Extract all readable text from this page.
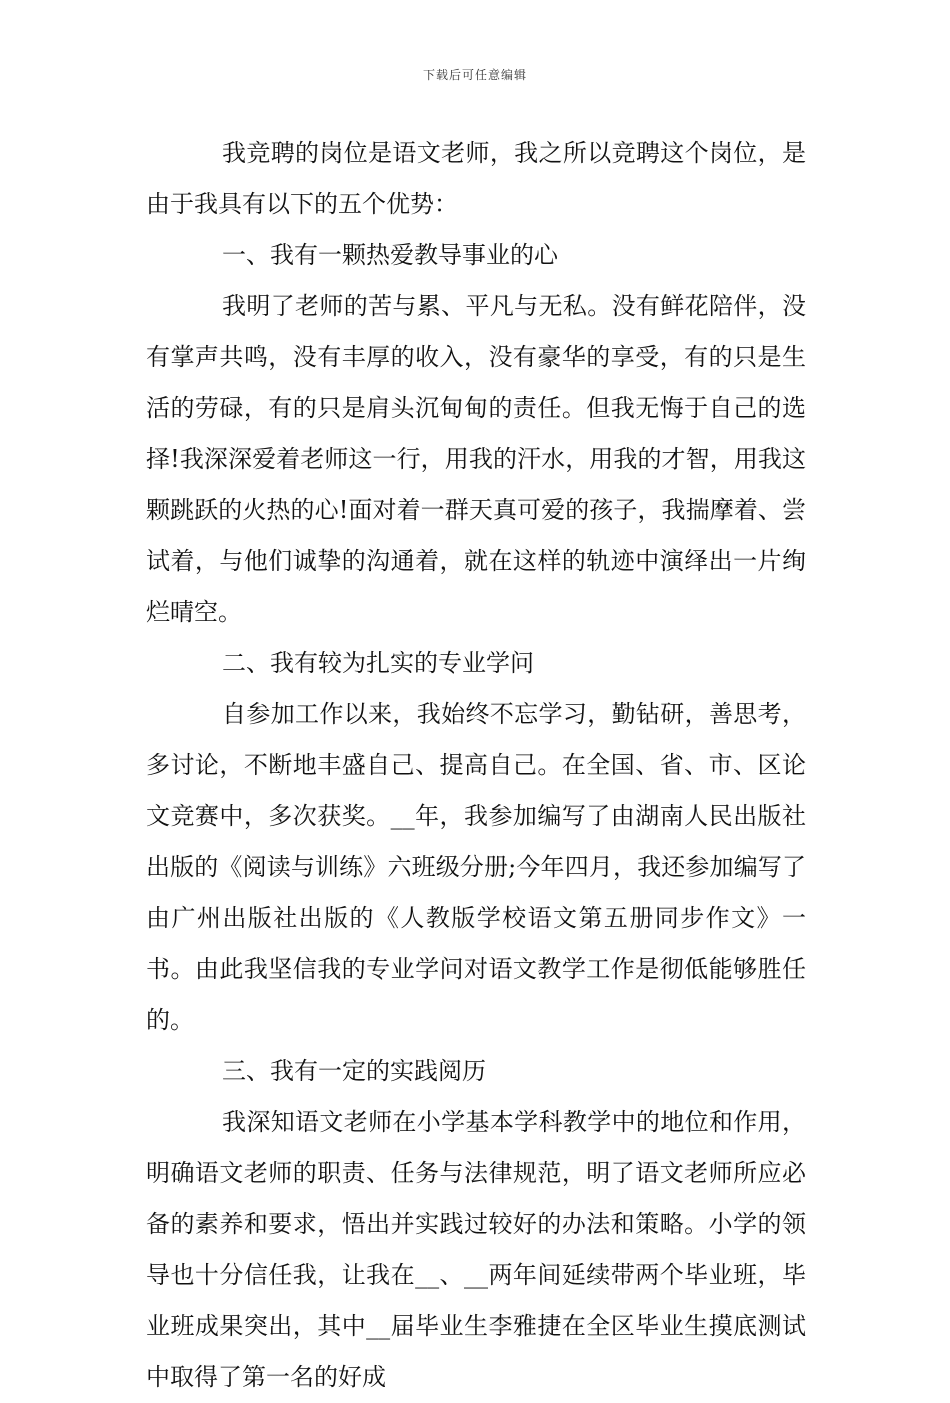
下载后可任意编辑

我竞聘的岗位是语文老师，我之所以竞聘这个岗位，是由于我具有以下的五个优势：

一、我有一颗热爱教导事业的心

我明了老师的苦与累、平凡与无私。没有鲜花陪伴，没有掌声共鸣，没有丰厚的收入，没有豪华的享受，有的只是生活的劳碌，有的只是肩头沉甸甸的责任。但我无悔于自己的选择!我深深爱着老师这一行，用我的汗水，用我的才智，用我这颗跳跃的火热的心!面对着一群天真可爱的孩子，我揣摩着、尝试着，与他们诚挚的沟通着，就在这样的轨迹中演绎出一片绚烂晴空。

二、我有较为扎实的专业学问

自参加工作以来，我始终不忘学习，勤钻研，善思考，多讨论，不断地丰盛自己、提高自己。在全国、省、市、区论文竞赛中，多次获奖。__年，我参加编写了由湖南人民出版社出版的《阅读与训练》六班级分册;今年四月，我还参加编写了由广州出版社出版的《人教版学校语文第五册同步作文》一书。由此我坚信我的专业学问对语文教学工作是彻低能够胜任的。

三、我有一定的实践阅历

我深知语文老师在小学基本学科教学中的地位和作用，明确语文老师的职责、任务与法律规范，明了语文老师所应必备的素养和要求，悟出并实践过较好的办法和策略。小学的领导也十分信任我，让我在__、__两年间延续带两个毕业班，毕业班成果突出，其中__届毕业生李雅捷在全区毕业生摸底测试中取得了第一名的好成
